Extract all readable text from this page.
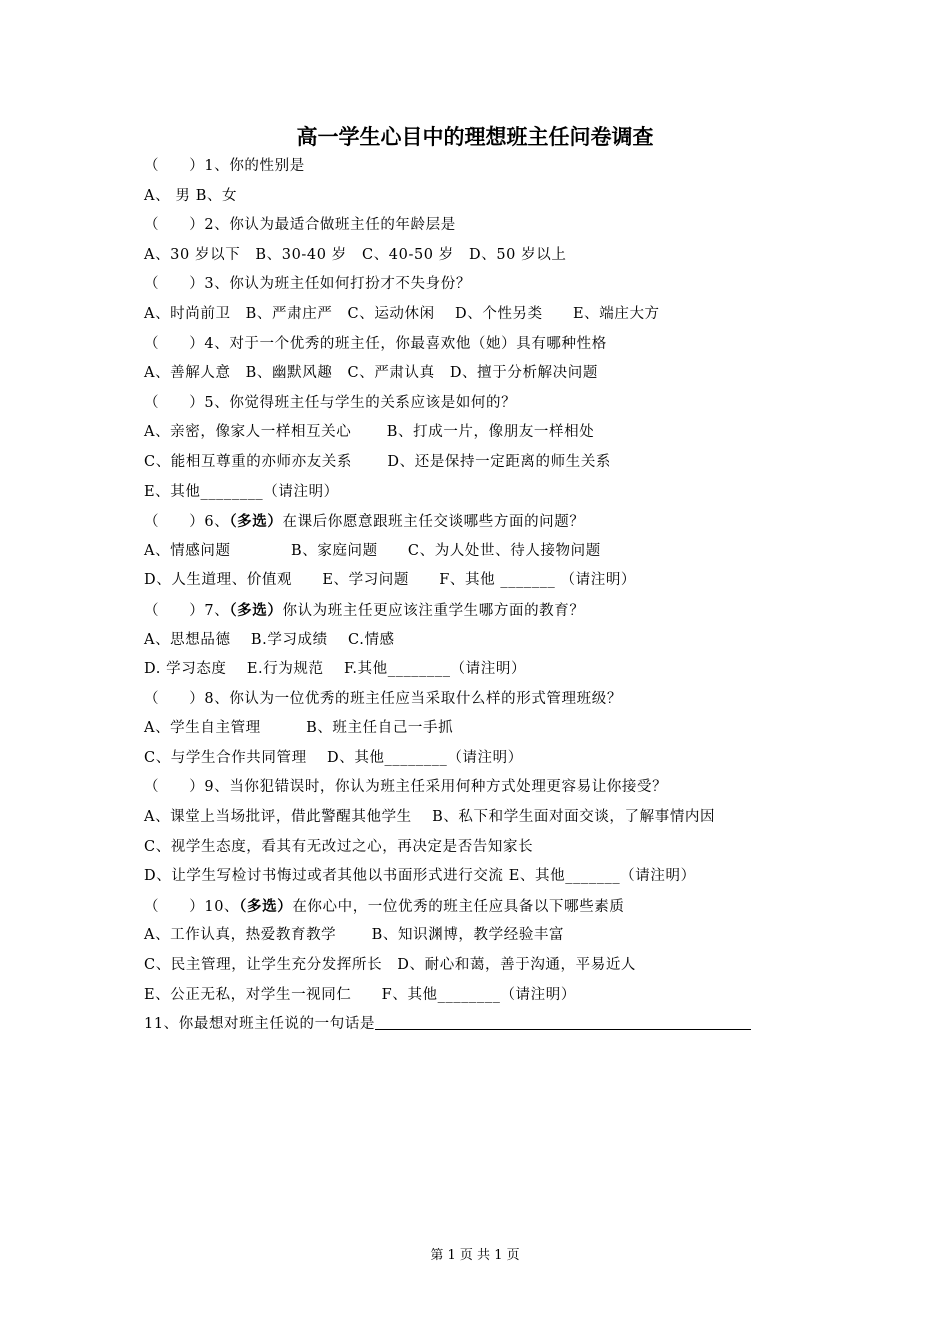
高一学生心目中的理想班主任问卷调查
（　　）1、你的性别是
A、 男 B、女
（　　）2、你认为最适合做班主任的年龄层是
A、30 岁以下　B、30-40 岁　C、40-50 岁　D、50 岁以上
（　　）3、你认为班主任如何打扮才不失身份？
A、时尚前卫　B、严肃庄严　C、运动休闲　 D、个性另类　　E、端庄大方
（　　）4、对于一个优秀的班主任，你最喜欢他（她）具有哪种性格
A、善解人意　B、幽默风趣　C、严肃认真　D、擅于分析解决问题
（　　）5、你觉得班主任与学生的关系应该是如何的？
A、亲密，像家人一样相互关心　　 B、打成一片，像朋友一样相处
C、能相互尊重的亦师亦友关系　　 D、还是保持一定距离的师生关系
E、其他________（请注明）
（　　）6、（多选）在课后你愿意跟班主任交谈哪些方面的问题？
A、情感问题　　　　B、家庭问题　　C、为人处世、待人接物问题
D、人生道理、价值观　　E、学习问题　　F、其他 _______ （请注明）
（　　）7、（多选）你认为班主任更应该注重学生哪方面的教育？
A、思想品德　 B.学习成绩　 C.情感
D. 学习态度　 E.行为规范　 F.其他________（请注明）
（　　）8、你认为一位优秀的班主任应当采取什么样的形式管理班级？
A、学生自主管理　　　B、班主任自己一手抓
C、与学生合作共同管理　 D、其他________（请注明）
（　　）9、当你犯错误时，你认为班主任采用何种方式处理更容易让你接受？
A、课堂上当场批评，借此警醒其他学生　 B、私下和学生面对面交谈，了解事情内因
C、视学生态度，看其有无改过之心，再决定是否告知家长
D、让学生写检讨书悔过或者其他以书面形式进行交流 E、其他_______（请注明）
（　　）10、（多选）在你心中，一位优秀的班主任应具备以下哪些素质
A、工作认真，热爱教育教学　　 B、知识渊博，教学经验丰富
C、民主管理，让学生充分发挥所长　D、耐心和蔼，善于沟通，平易近人
E、公正无私，对学生一视同仁　　F、其他________（请注明）
11、你最想对班主任说的一句话是
第 1 页 共 1 页
